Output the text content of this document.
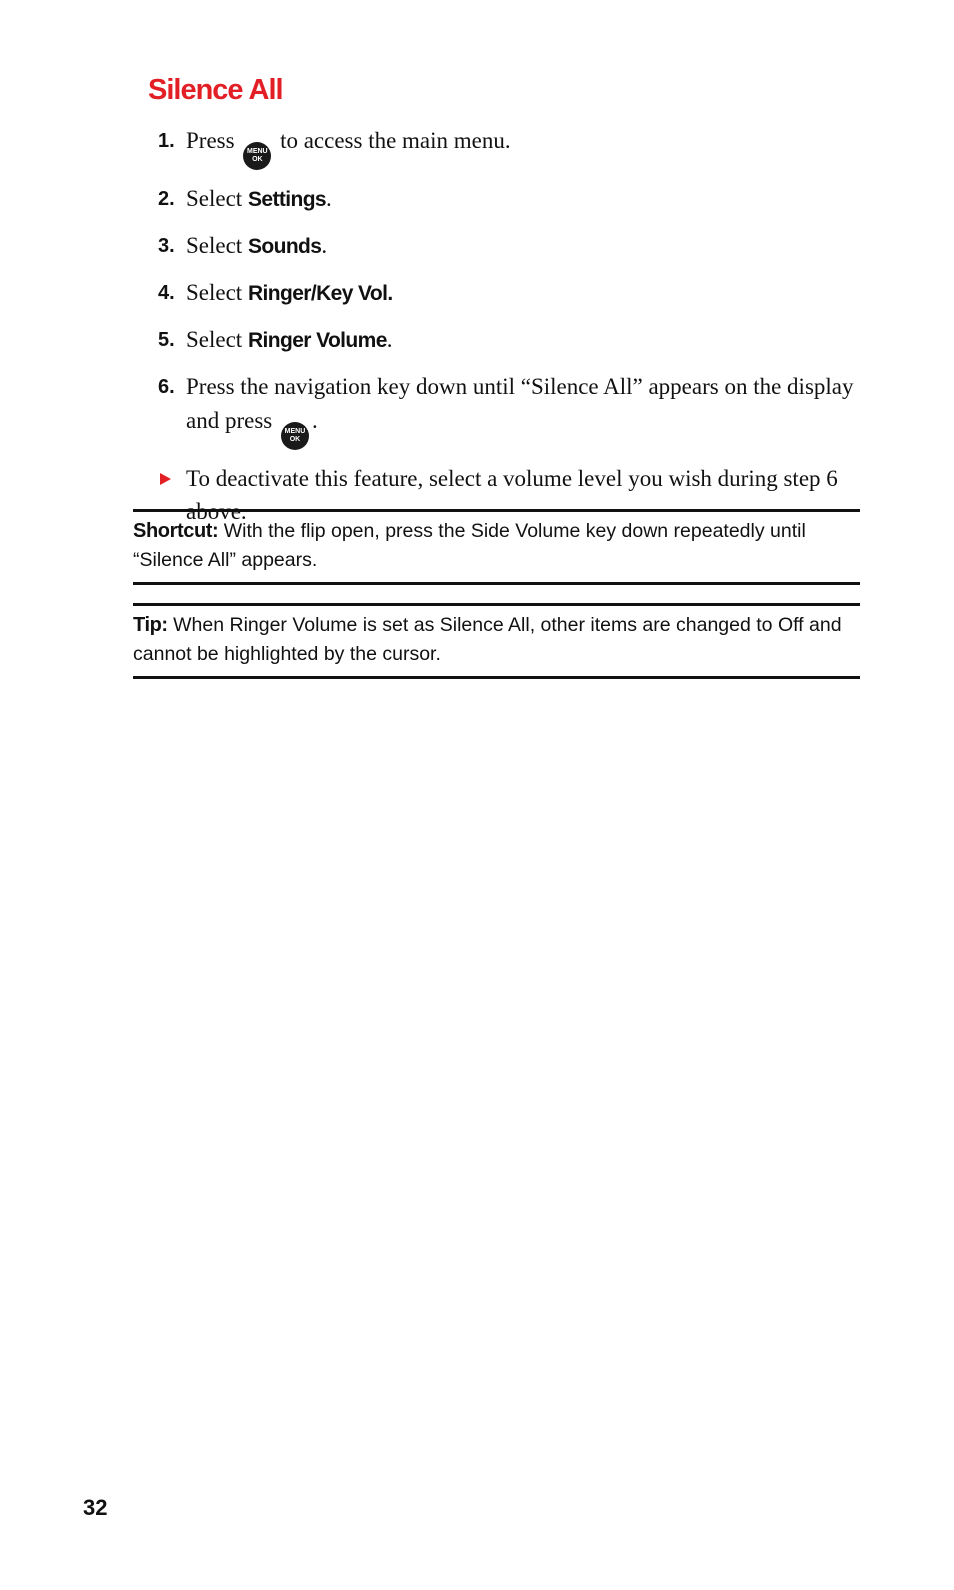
Silence All
1. Press MENU
OK
to access the main menu.
2. Select Settings.
3. Select Sounds.
4. Select Ringer/Key Vol.
5. Select Ringer Volume.
6. Press the navigation key down until “Silence All” appears on the display and press MENU
OK
.
To deactivate this feature, select a volume level you wish during step 6 above.
Shortcut: With the flip open, press the Side Volume key down repeatedly until “Silence All” appears.
Tip: When Ringer Volume is set as Silence All, other items are changed to Off and cannot be highlighted by the cursor.
32
